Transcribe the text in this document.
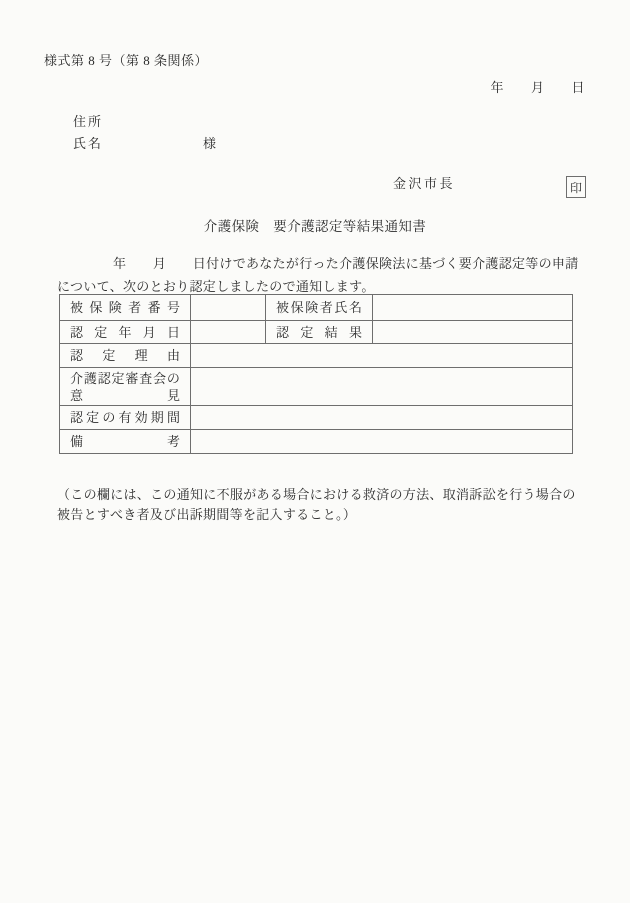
様式第 8 号（第 8 条関係）
年　　月　　日
住所
氏名	様
金沢市長	印
介護保険　要介護認定等結果通知書
年　　月　　日付けであなたが行った介護保険法に基づく要介護認定等の申請
について、次のとおり認定しましたので通知します。
被 保 険 者 番 号		被 保 険 者 氏 名

認 定 年 月 日		認 定 結 果	

認 定 理 由			

介 護 認 定 審 査 会 の
意	見

認 定 の 有 効 期 間

備 考			

（この欄には、この通知に不服がある場合における救済の方法、取消訴訟を行う場合の
被告とすべき者及び出訴期間等を記入すること。）
